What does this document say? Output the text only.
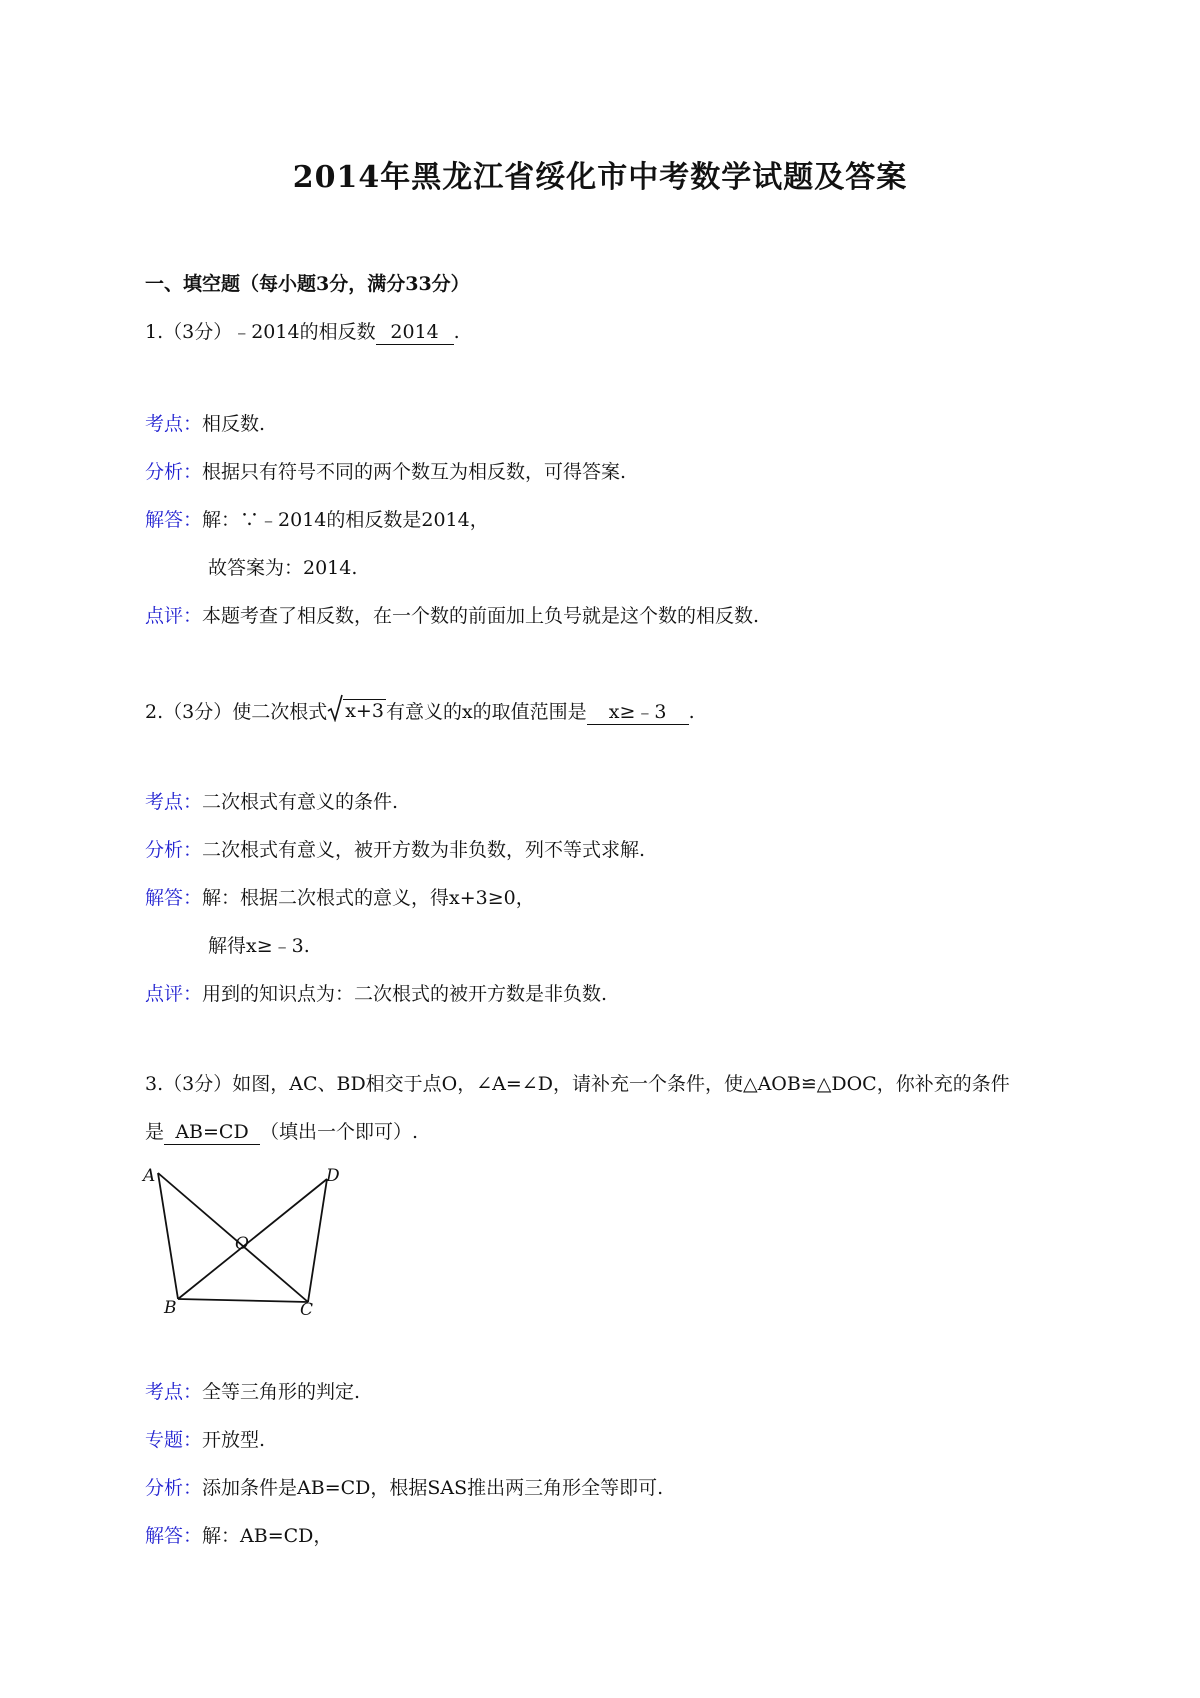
2014年黑龙江省绥化市中考数学试题及答案
一、填空题（每小题3分，满分33分）
1.（3分）﹣2014的相反数 2014 .
考点：相反数.
分析：根据只有符号不同的两个数互为相反数，可得答案.
解答：解：∵﹣2014的相反数是2014，
故答案为：2014.
点评：本题考查了相反数，在一个数的前面加上负号就是这个数的相反数.
2.（3分）使二次根式 x+3 有意义的x的取值范围是 x≥﹣3 .
考点：二次根式有意义的条件.
分析：二次根式有意义，被开方数为非负数，列不等式求解.
解答：解：根据二次根式的意义，得x+3≥0，
解得x≥﹣3.
点评：用到的知识点为：二次根式的被开方数是非负数.
3.（3分）如图，AC、BD相交于点O，∠A=∠D，请补充一个条件，使△AOB≌△DOC，你补充的条件
是 AB=CD （填出一个即可）.
A
B	C
D
O
考点：全等三角形的判定.
专题：开放型.
分析：添加条件是AB=CD，根据SAS推出两三角形全等即可.
解答：解：AB=CD，
